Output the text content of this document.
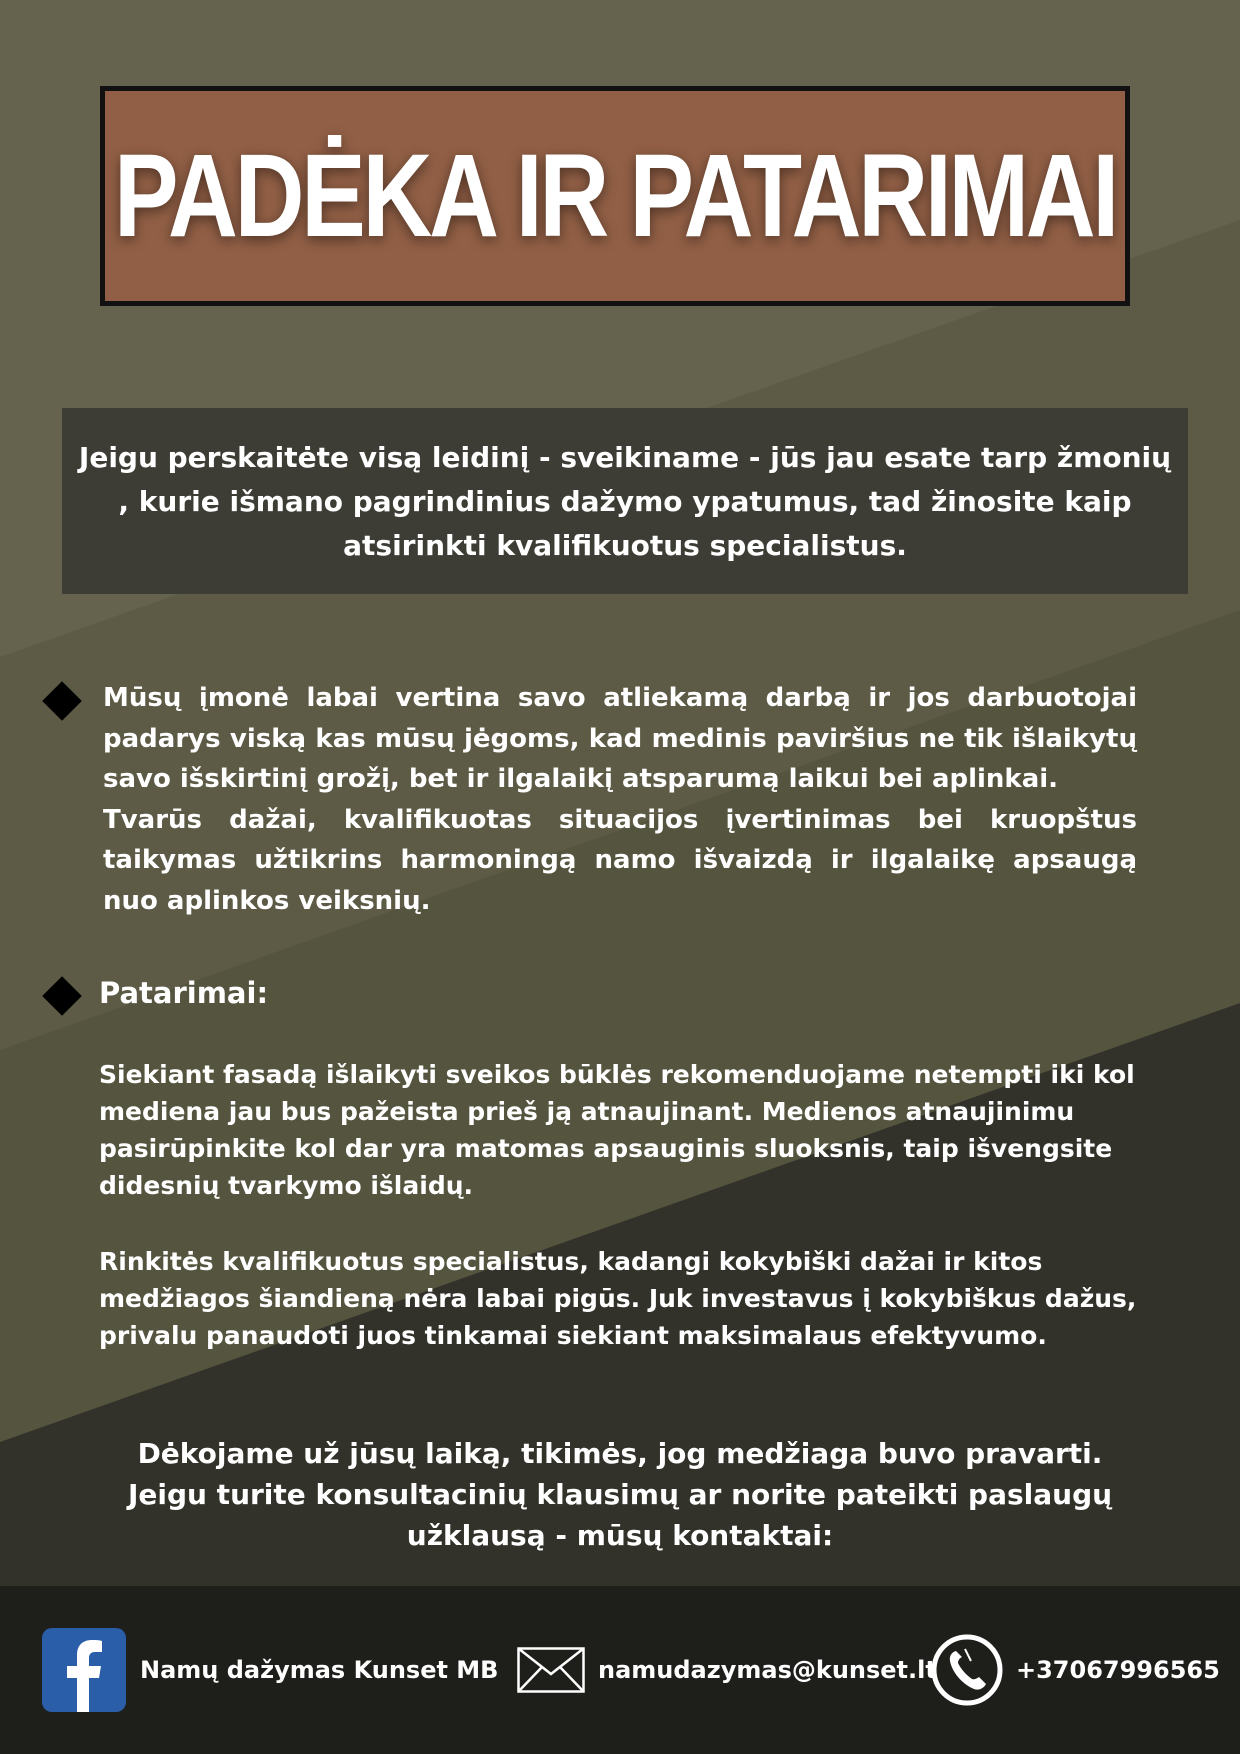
PADĖKA IR PATARIMAI
Jeigu perskaitėte visą leidinį - sveikiname - jūs jau esate tarp žmonių , kurie išmano pagrindinius dažymo ypatumus, tad žinosite kaip atsirinkti kvalifikuotus specialistus.

Mūsų įmonė labai vertina savo atliekamą darbą ir jos darbuotojai padarys viską kas mūsų jėgoms, kad medinis paviršius ne tik išlaikytų savo išskirtinį grožį, bet ir ilgalaikį atsparumą laikui bei aplinkai.

Tvarūs dažai, kvalifikuotas situacijos įvertinimas bei kruopštus taikymas užtikrins harmoningą namo išvaizdą ir ilgalaikę apsaugą nuo aplinkos veiksnių.

Patarimai:

Siekiant fasadą išlaikyti sveikos būklės rekomenduojame netempti iki kol mediena jau bus pažeista prieš ją atnaujinant. Medienos atnaujinimu pasirūpinkite kol dar yra matomas apsauginis sluoksnis, taip išvengsite didesnių tvarkymo išlaidų.

Rinkitės kvalifikuotus specialistus, kadangi kokybiški dažai ir kitos medžiagos šiandieną nėra labai pigūs. Juk investavus į kokybiškus dažus, privalu panaudoti juos tinkamai siekiant maksimalaus efektyvumo.

Dėkojame už jūsų laiką, tikimės, jog medžiaga buvo pravarti. Jeigu turite konsultacinių klausimų ar norite pateikti paslaugų užklausą - mūsų kontaktai:

Namų dažymas Kunset MB	namudazymas@kunset.lt	+37067996565
